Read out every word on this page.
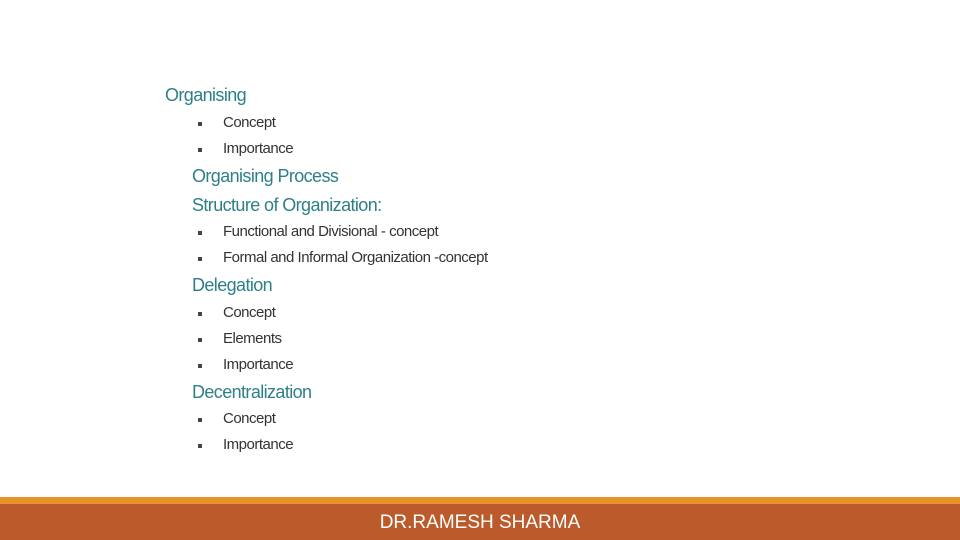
Organising
Concept
Importance
Organising Process
Structure of Organization:
Functional and Divisional - concept
Formal and Informal Organization -concept
Delegation
Concept
Elements
Importance
Decentralization
Concept
Importance
DR.RAMESH SHARMA
